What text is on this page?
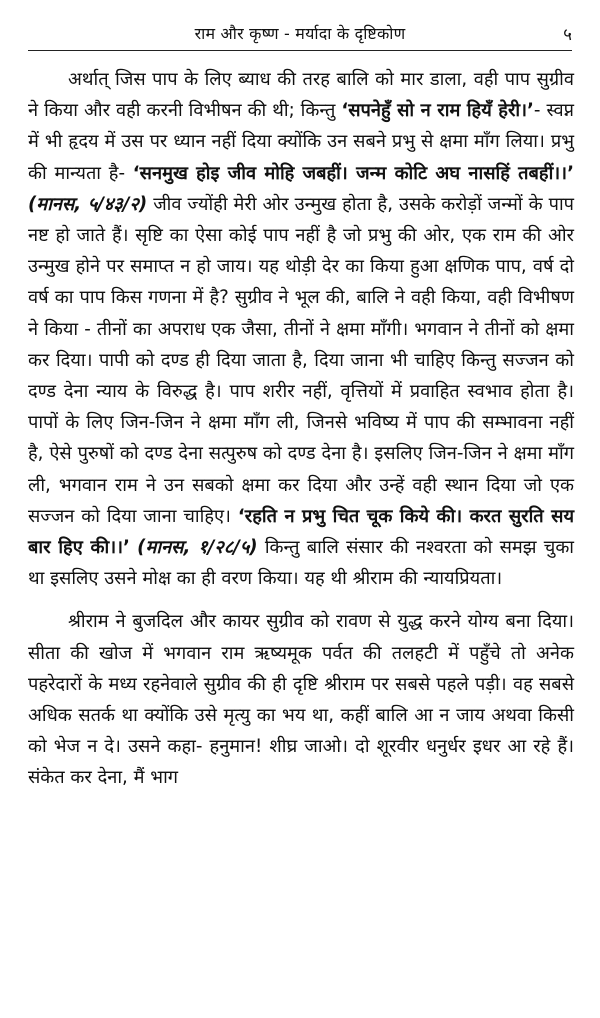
राम और कृष्ण - मर्यादा के दृष्टिकोण	५

अर्थात् जिस पाप के लिए ब्याध की तरह बालि को मार डाला, वही पाप सुग्रीव ने किया और वही करनी विभीषन की थी; किन्तु ‘सपनेहुँ सो न राम हियँ हेरी।’- स्वप्न में भी हृदय में उस पर ध्यान नहीं दिया क्योंकि उन सबने प्रभु से क्षमा माँग लिया। प्रभु की मान्यता है- ‘सनमुख होइ जीव मोहि जबहीं। जन्म कोटि अघ नासहिं तबहीं।।’ (मानस, ५/४३/२) जीव ज्योंही मेरी ओर उन्मुख होता है, उसके करोड़ों जन्मों के पाप नष्ट हो जाते हैं। सृष्टि का ऐसा कोई पाप नहीं है जो प्रभु की ओर, एक राम की ओर उन्मुख होने पर समाप्त न हो जाय। यह थोड़ी देर का किया हुआ क्षणिक पाप, वर्ष दो वर्ष का पाप किस गणना में है? सुग्रीव ने भूल की, बालि ने वही किया, वही विभीषण ने किया - तीनों का अपराध एक जैसा, तीनों ने क्षमा माँगी। भगवान ने तीनों को क्षमा कर दिया। पापी को दण्ड ही दिया जाता है, दिया जाना भी चाहिए किन्तु सज्जन को दण्ड देना न्याय के विरुद्ध है। पाप शरीर नहीं, वृत्तियों में प्रवाहित स्वभाव होता है। पापों के लिए जिन-जिन ने क्षमा माँग ली, जिनसे भविष्य में पाप की सम्भावना नहीं है, ऐसे पुरुषों को दण्ड देना सत्पुरुष को दण्ड देना है। इसलिए जिन-जिन ने क्षमा माँग ली, भगवान राम ने उन सबको क्षमा कर दिया और उन्हें वही स्थान दिया जो एक सज्जन को दिया जाना चाहिए। ‘रहति न प्रभु चित चूक किये की। करत सुरति सय बार हिए की।।’ (मानस, १/२८/५) किन्तु बालि संसार की नश्वरता को समझ चुका था इसलिए उसने मोक्ष का ही वरण किया। यह थी श्रीराम की न्यायप्रियता।

श्रीराम ने बुजदिल और कायर सुग्रीव को रावण से युद्ध करने योग्य बना दिया। सीता की खोज में भगवान राम ऋष्यमूक पर्वत की तलहटी में पहुँचे तो अनेक पहरेदारों के मध्य रहनेवाले सुग्रीव की ही दृष्टि श्रीराम पर सबसे पहले पड़ी। वह सबसे अधिक सतर्क था क्योंकि उसे मृत्यु का भय था, कहीं बालि आ न जाय अथवा किसी को भेज न दे। उसने कहा- हनुमान! शीघ्र जाओ। दो शूरवीर धनुर्धर इधर आ रहे हैं। संकेत कर देना, मैं भाग
